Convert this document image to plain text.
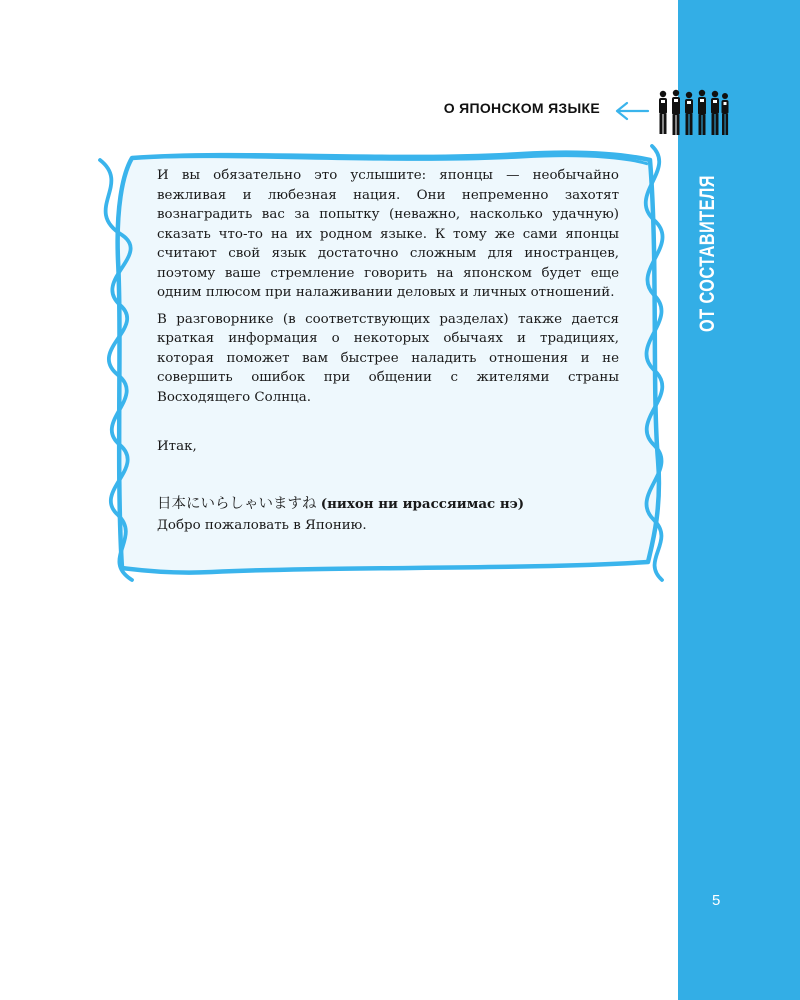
ОТ СОСТАВИТЕЛЯ
5
О ЯПОНСКОМ ЯЗЫКЕ

И вы обязательно это услышите: японцы — необычайно вежливая и любезная нация. Они непременно захотят вознаградить вас за попытку (неважно, насколько удачную) сказать что-то на их родном языке. К тому же сами японцы считают свой язык достаточно сложным для иностранцев, поэтому ваше стремление говорить на японском будет еще одним плюсом при налаживании деловых и личных отношений.

В разговорнике (в соответствующих разделах) также дается краткая информация о некоторых обычаях и традициях, которая поможет вам быстрее наладить отношения и не совершить ошибок при общении с жителями страны Восходящего Солнца.

Итак,

日本にいらしゃいますね (нихон ни ирассяимас нэ)

Добро пожаловать в Японию.
